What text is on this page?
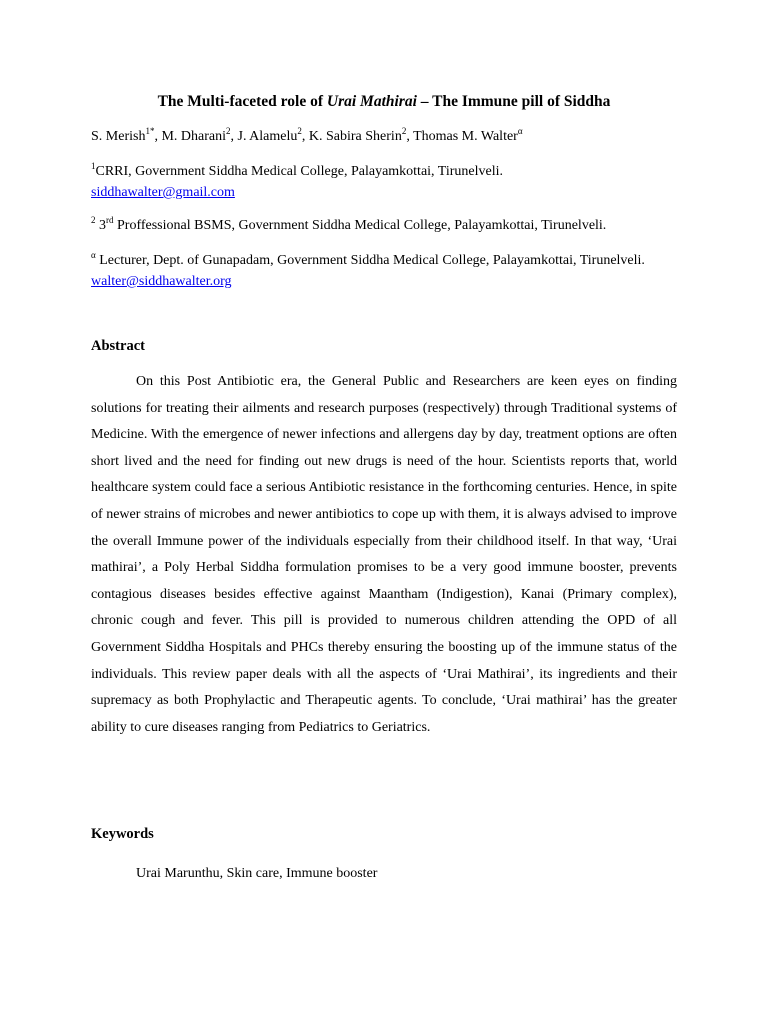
The Multi-faceted role of Urai Mathirai – The Immune pill of Siddha
S. Merish$^{1*}$, M. Dharani$^2$, J. Alamelu$^2$, K. Sabira Sherin$^2$, Thomas M. Walter$^\alpha$
$^1$CRRI, Government Siddha Medical College, Palayamkottai, Tirunelveli.
siddhawalter@gmail.com
$^2$ 3rd Proffessional BSMS, Government Siddha Medical College, Palayamkottai, Tirunelveli.
$^\alpha$ Lecturer, Dept. of Gunapadam, Government Siddha Medical College, Palayamkottai, Tirunelveli. walter@siddhawalter.org
Abstract

On this Post Antibiotic era, the General Public and Researchers are keen eyes on finding solutions for treating their ailments and research purposes (respectively) through Traditional systems of Medicine. With the emergence of newer infections and allergens day by day, treatment options are often short lived and the need for finding out new drugs is need of the hour. Scientists reports that, world healthcare system could face a serious Antibiotic resistance in the forthcoming centuries. Hence, in spite of newer strains of microbes and newer antibiotics to cope up with them, it is always advised to improve the overall Immune power of the individuals especially from their childhood itself. In that way, ‘Urai mathirai’, a Poly Herbal Siddha formulation promises to be a very good immune booster, prevents contagious diseases besides effective against Maantham (Indigestion), Kanai (Primary complex), chronic cough and fever. This pill is provided to numerous children attending the OPD of all Government Siddha Hospitals and PHCs thereby ensuring the boosting up of the immune status of the individuals. This review paper deals with all the aspects of ‘Urai Mathirai’, its ingredients and their supremacy as both Prophylactic and Therapeutic agents. To conclude, ‘Urai mathirai’ has the greater ability to cure diseases ranging from Pediatrics to Geriatrics.

Keywords
Urai Marunthu, Skin care, Immune booster
